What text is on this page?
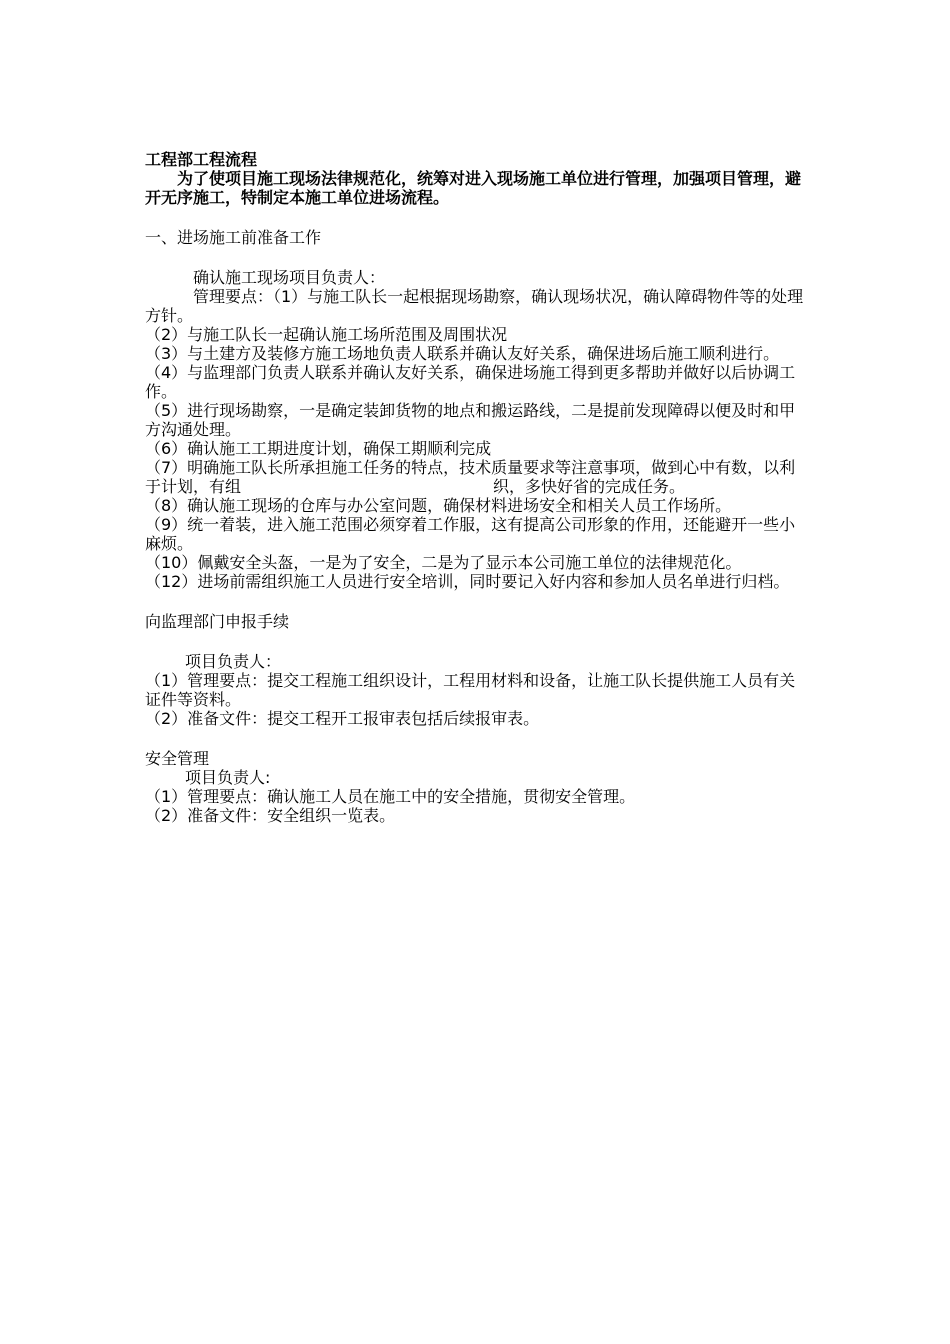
工程部工程流程

为了使项目施工现场法律规范化，统筹对进入现场施工单位进行管理，加强项目管理，避开无序施工，特制定本施工单位进场流程。

一、进场施工前准备工作

确认施工现场项目负责人：

管理要点：（1）与施工队长一起根据现场勘察，确认现场状况，确认障碍物件等的处理方针。

（2）与施工队长一起确认施工场所范围及周围状况

（3）与土建方及装修方施工场地负责人联系并确认友好关系，确保进场后施工顺利进行。

（4）与监理部门负责人联系并确认友好关系，确保进场施工得到更多帮助并做好以后协调工作。

（5）进行现场勘察，一是确定装卸货物的地点和搬运路线，二是提前发现障碍以便及时和甲方沟通处理。

（6）确认施工工期进度计划，确保工期顺利完成

（7）明确施工队长所承担施工任务的特点，技术质量要求等注意事项，做到心中有数，以利于计划，有组	织，多快好省的完成任务。

（8）确认施工现场的仓库与办公室问题，确保材料进场安全和相关人员工作场所。

（9）统一着装，进入施工范围必须穿着工作服，这有提高公司形象的作用，还能避开一些小麻烦。

（10）佩戴安全头盔，一是为了安全，二是为了显示本公司施工单位的法律规范化。

（12）进场前需组织施工人员进行安全培训，同时要记入好内容和参加人员名单进行归档。

向监理部门申报手续

项目负责人：

（1）管理要点：提交工程施工组织设计，工程用材料和设备，让施工队长提供施工人员有关证件等资料。

（2）准备文件：提交工程开工报审表包括后续报审表。

安全管理

项目负责人:

（1）管理要点：确认施工人员在施工中的安全措施，贯彻安全管理。

（2）准备文件：安全组织一览表。
